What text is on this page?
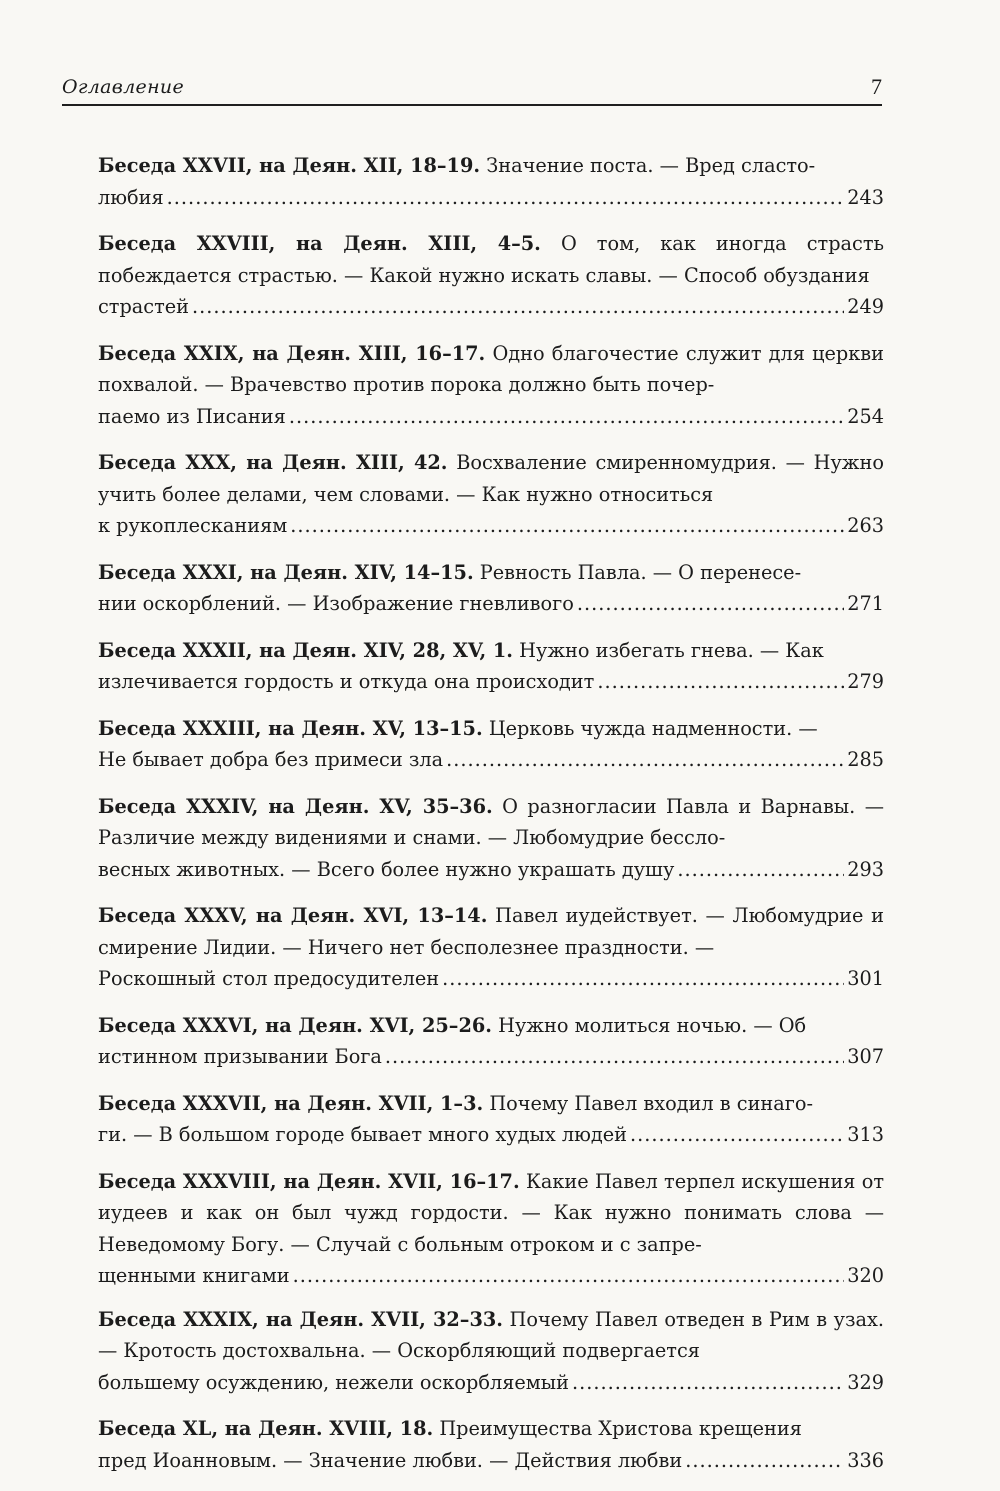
Оглавление	7
Беседа XXVII, на Деян. XII, 18–19. Значение поста. — Вред сласто-
любия .....	243
Беседа XXVIII, на Деян. XIII, 4–5. О том, как иногда страсть побеждается страстью. — Какой нужно искать славы. — Способ обуздания
страстей .....	249
Беседа XXIX, на Деян. XIII, 16–17. Одно благочестие служит для церкви похвалой. — Врачевство против порока должно быть почер-
паемо из Писания .....	254
Беседа XXX, на Деян. XIII, 42. Восхваление смиренномудрия. — Нужно учить более делами, чем словами. — Как нужно относиться
к рукоплесканиям .....	263
Беседа XXXI, на Деян. XIV, 14–15. Ревность Павла. — О перенесе-
нии оскорблений. — Изображение гневливого .....	271
Беседа XXXII, на Деян. XIV, 28, XV, 1. Нужно избегать гнева. — Как
излечивается гордость и откуда она происходит .....	279
Беседа XXXIII, на Деян. XV, 13–15. Церковь чужда надменности. —
Не бывает добра без примеси зла .....	285
Беседа XXXIV, на Деян. XV, 35–36. О разногласии Павла и Варнавы. — Различие между видениями и снами. — Любомудрие бессло-
весных животных. — Всего более нужно украшать душу .....	293
Беседа XXXV, на Деян. XVI, 13–14. Павел иудействует. — Любомудрие и смирение Лидии. — Ничего нет бесполезнее праздности. —
Роскошный стол предосудителен .....	301
Беседа XXXVI, на Деян. XVI, 25–26. Нужно молиться ночью. — Об
истинном призывании Бога .....	307
Беседа XXXVII, на Деян. XVII, 1–3. Почему Павел входил в синаго-
ги. — В большом городе бывает много худых людей .....	313
Беседа XXXVIII, на Деян. XVII, 16–17. Какие Павел терпел искушения от иудеев и как он был чужд гордости. — Как нужно понимать слова — Неведомому Богу. — Случай с больным отроком и с запре-
щенными книгами .....	320
Беседа XXXIX, на Деян. XVII, 32–33. Почему Павел отведен в Рим в узах. — Кротость достохвальна. — Оскорбляющий подвергается
большему осуждению, нежели оскорбляемый .....	329
Беседа XL, на Деян. XVIII, 18. Преимущества Христова крещения
пред Иоанновым. — Значение любви. — Действия любви .....	336
